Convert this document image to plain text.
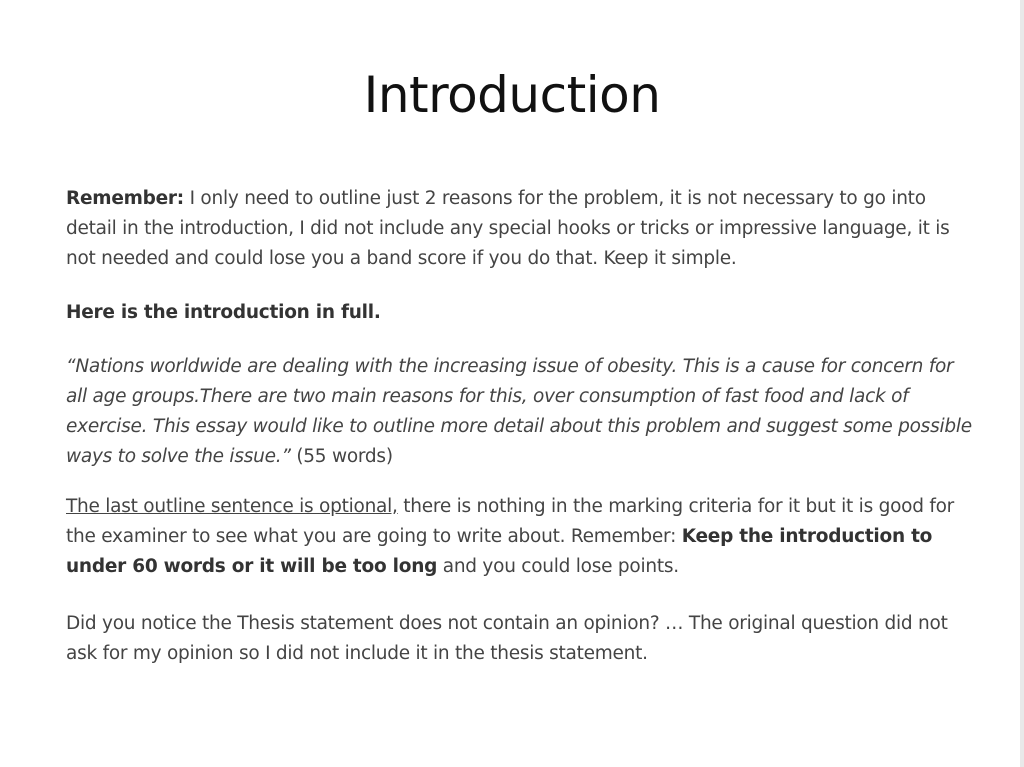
Introduction

Remember: I only need to outline just 2 reasons for the problem, it is not necessary to go into detail in the introduction, I did not include any special hooks or tricks or impressive language, it is not needed and could lose you a band score if you do that. Keep it simple.

Here is the introduction in full.

“Nations worldwide are dealing with the increasing issue of obesity. This is a cause for concern for all age groups.There are two main reasons for this, over consumption of fast food and lack of exercise. This essay would like to outline more detail about this problem and suggest some possible ways to solve the issue.” (55 words)

The last outline sentence is optional, there is nothing in the marking criteria for it but it is good for the examiner to see what you are going to write about. Remember: Keep the introduction to under 60 words or it will be too long and you could lose points.

Did you notice the Thesis statement does not contain an opinion? … The original question did not ask for my opinion so I did not include it in the thesis statement.
